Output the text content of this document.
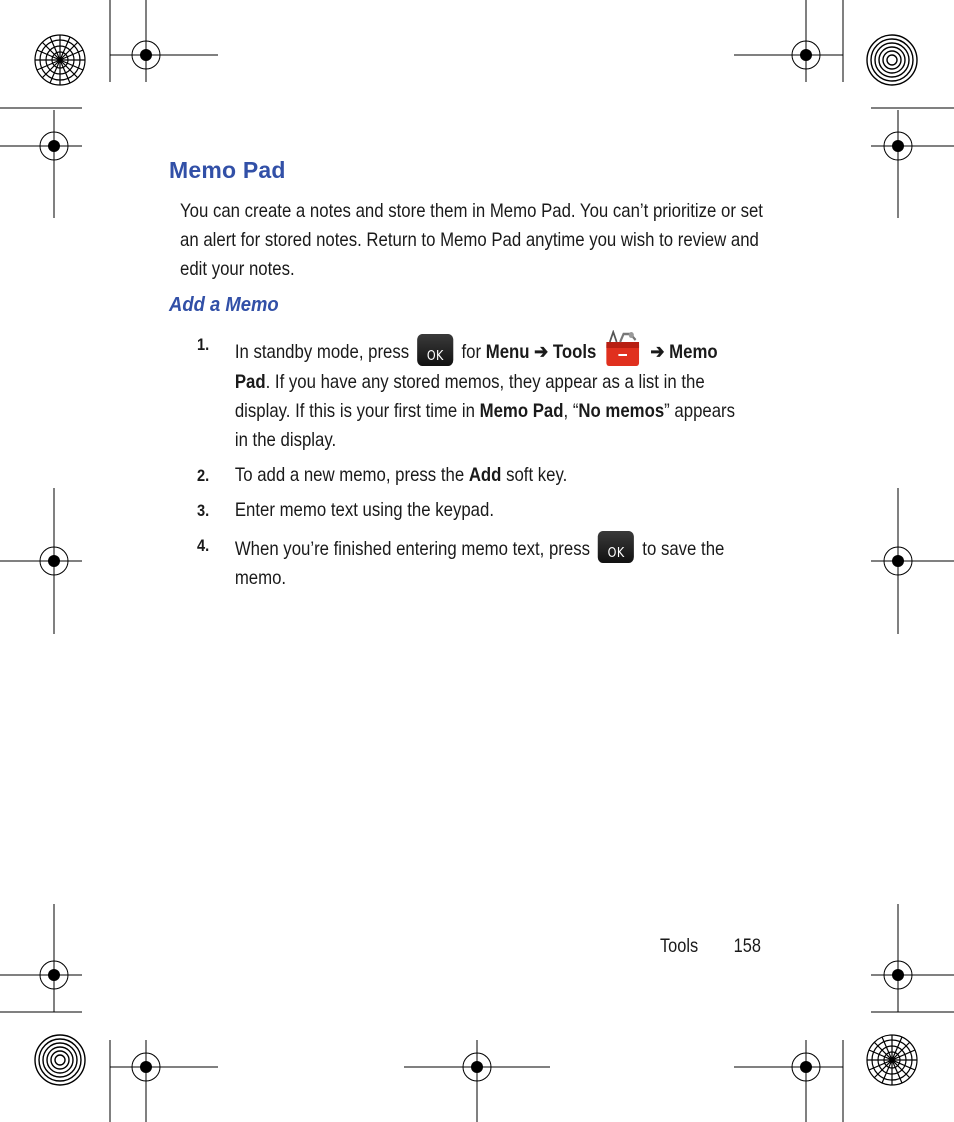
Memo Pad

You can create a notes and store them in Memo Pad. You can’t prioritize or set an alert for stored notes. Return to Memo Pad anytime you wish to review and edit your notes.

Add a Memo
1. In standby mode, press	OK for Menu ➔ Tools	➔ Memo Pad. If you have any stored memos, they appear as a list in the display. If this is your first time in Memo Pad, “No memos” appears in the display.
2. To add a new memo, press the Add soft key.
3. Enter memo text using the keypad.
4. When you’re finished entering memo text, press	OK to save the memo.
Tools 158
